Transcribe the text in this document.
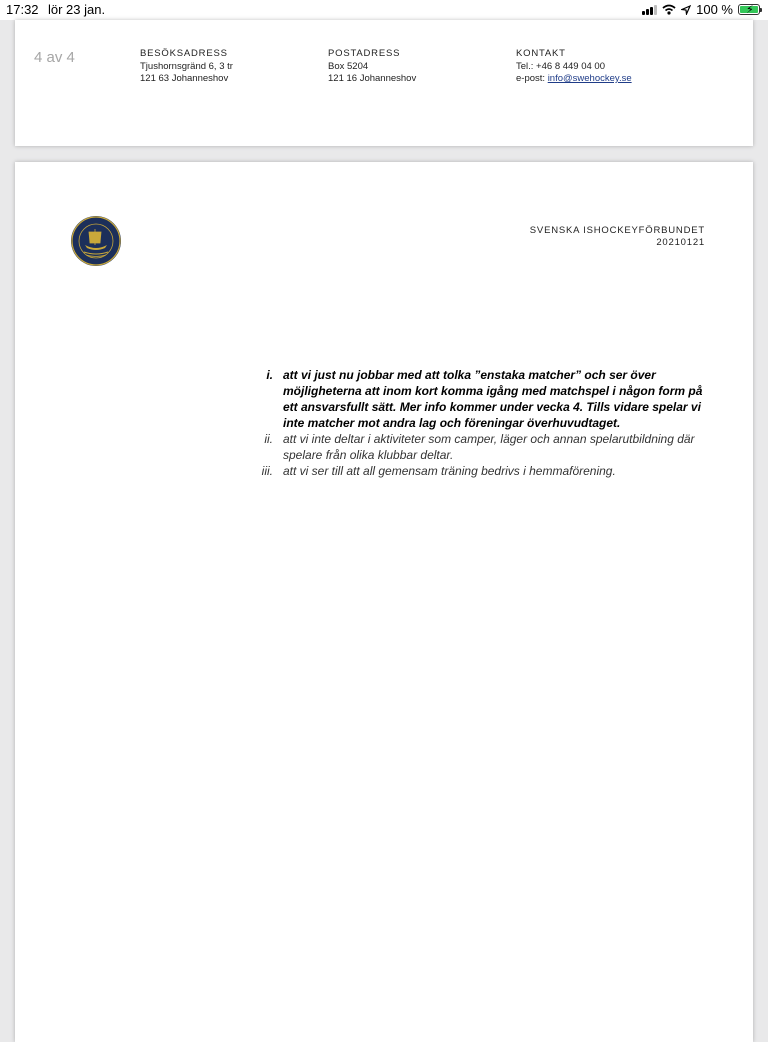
17:32 lör 23 jan.	100 % ⚡
4 av 4	BESÖKSADRESS
Tjushornsgränd 6, 3 tr
121 63 Johanneshov
POSTADRESS
Box 5204
121 16 Johanneshov
KONTAKT
Tel.: +46 8 449 04 00
e-post: info@swehockey.se
SVENSKA ISHOCKEYFÖRBUNDET
20210121
i. att vi just nu jobbar med att tolka ”enstaka matcher” och ser över möjligheterna att inom kort komma igång med matchspel i någon form på ett ansvarsfullt sätt. Mer info kommer under vecka 4. Tills vidare spelar vi inte matcher mot andra lag och föreningar överhuvudtaget.
ii. att vi inte deltar i aktiviteter som camper, läger och annan spelarutbildning där spelare från olika klubbar deltar.
iii. att vi ser till att all gemensam träning bedrivs i hemmaförening.
